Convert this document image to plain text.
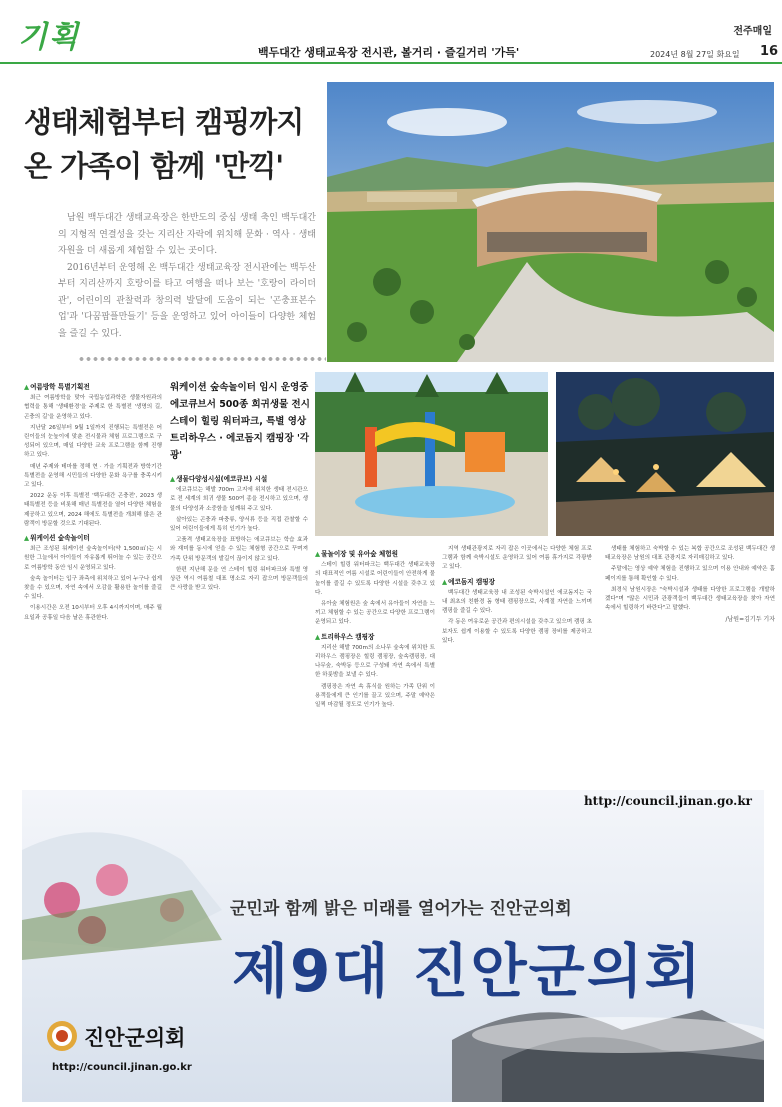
기획	백두대간 생태교육장 전시관, 볼거리 · 즐길거리 '가득'
전주매일
2024년 8월 27일 화요일 16
생태체험부터 캠핑까지
온 가족이 함께 '만끽'

남원 백두대간 생태교육장은 한반도의 중심 생태 축인 백두대간의 지형적 연결성을 갖는 지리산 자락에 위치해 문화 · 역사 · 생태자원을 더 새롭게 체험할 수 있는 곳이다.

2016년부터 운영해 온 백두대간 생태교육장 전시관에는 백두산부터 지리산까지 호랑이를 타고 여행을 떠나 보는 '호랑이 라이더관', 어린이의 관찰력과 창의력 발달에 도움이 되는 '곤충표본수업'과 '다꿈팝플만들기' 등을 운영하고 있어 아이들이 다양한 체험을 즐길 수 있다.

▲ 여름방학 특별기획전

최근 여름방학을 맞아 국립농업과학관 생물자원과의 협력을 통해 '생태환경'을 주제로 한 특별전 '생명의 길, 곤충의 길'을 운영하고 있다.

지난달 26일부터 9월 1일까지 진행되는 특별전은 어린이들의 눈높이에 맞춘 전시물과 체험 프로그램으로 구성되어 있으며, 매일 다양한 교육 프로그램을 함께 진행하고 있다.

매년 주제와 테마를 정해 현 · 가을 기획전과 방학기간 특별전을 운영해 시민들의 다양한 문화 욕구를 충족시키고 있다.

2022 운동 이후 특별전 '백두대간 곤충전', 2023 생태특별전 등을 비롯해 매년 특별전을 열어 다양한 체험을 제공하고 있으며, 2024 해에도 특별전을 개최해 많은 관람객이 방문할 것으로 기대된다.

▲ 워케이션 숲속놀이터

최근 조성된 워케이션 숲속놀이터(약 1,500㎡)는 시원한 그늘에서 아이들이 자유롭게 뛰어놀 수 있는 공간으로 여름방학 동안 임시 운영되고 있다.

숲속 놀이터는 입구 좌측에 위치하고 있어 누구나 쉽게 찾을 수 있으며, 자연 속에서 오감을 활용한 놀이를 즐길 수 있다.

이용시간은 오전 10시부터 오후 4시까지이며, 매주 월요일과 공휴일 다음 날은 휴관한다.

워케이션 숲속놀이터 임시 운영중
에코큐브서 500종 희귀생물 전시
스테이 힐링 워터파크, 특별 영상
트리하우스 · 에코돔지 캠핑장 '각광'
▲ 생물다양성시설(에코큐브) 시설

에코큐브는 해발 700m 고지에 위치한 생태 전시관으로 전 세계의 희귀 생물 500여 종을 전시하고 있으며, 생물의 다양성과 소중함을 일깨워 주고 있다.

살아있는 곤충과 파충류, 양서류 등을 직접 관찰할 수 있어 어린이들에게 특히 인기가 높다.

고품격 생태교육장을 표방하는 에코큐브는 학습 효과와 재미를 동시에 얻을 수 있는 체험형 공간으로 꾸며져 가족 단위 방문객의 발길이 끊이지 않고 있다.

한편 지난해 문을 연 스테이 힐링 워터파크와 특별 영상관 역시 여름철 대표 명소로 자리 잡으며 방문객들의 큰 사랑을 받고 있다.

▲ 물놀이장 및 유아숲 체험원

스테이 힐링 워터파크는 백두대간 생태교육장의 대표적인 여름 시설로 어린이들이 안전하게 물놀이를 즐길 수 있도록 다양한 시설을 갖추고 있다.

유아숲 체험원은 숲 속에서 유아들이 자연을 느끼고 체험할 수 있는 공간으로 다양한 프로그램이 운영되고 있다.

▲ 트리하우스 캠핑장

지리산 해발 700m의 소나무 숲속에 위치한 트리하우스 캠핑장은 힐링 캠핑장, 숲속캠핑장, 대나무숲, 숙박동 등으로 구성돼 자연 속에서 특별한 하룻밤을 보낼 수 있다.

캠핑장은 자연 속 휴식을 원하는 가족 단위 이용객들에게 큰 인기를 끌고 있으며, 주말 예약은 일찍 마감될 정도로 인기가 높다.

지역 생태관광지로 자리 잡은 이곳에서는 다양한 체험 프로그램과 함께 숙박시설도 운영하고 있어 여름 휴가지로 각광받고 있다.

▲ 에코돔지 캠핑장

백두대간 생태교육장 내 조성된 숙박시설인 에코돔지는 국내 최초의 친환경 돔 형태 캠핑장으로, 사계절 자연을 느끼며 캠핑을 즐길 수 있다.

각 동은 여유로운 공간과 편의시설을 갖추고 있으며 캠핑 초보자도 쉽게 이용할 수 있도록 다양한 캠핑 장비를 제공하고 있다.

생태를 체험하고 숙박할 수 있는 복합 공간으로 조성된 백두대간 생태교육장은 남원의 대표 관광지로 자리매김하고 있다.

주말에는 영상 예약 체험을 진행하고 있으며 이용 안내와 예약은 홈페이지를 통해 확인할 수 있다.

최경식 남원시장은 "숙박시설과 생태를 다양한 프로그램을 개발하겠다"며 "많은 시민과 관광객들이 백두대간 생태교육장을 찾아 자연 속에서 힐링하기 바란다"고 말했다.

/남원=김기두 기자
http://council.jinan.go.kr
군민과 함께 밝은 미래를 열어가는 진안군의회
제9대 진안군의회
진안군의회
http://council.jinan.go.kr
